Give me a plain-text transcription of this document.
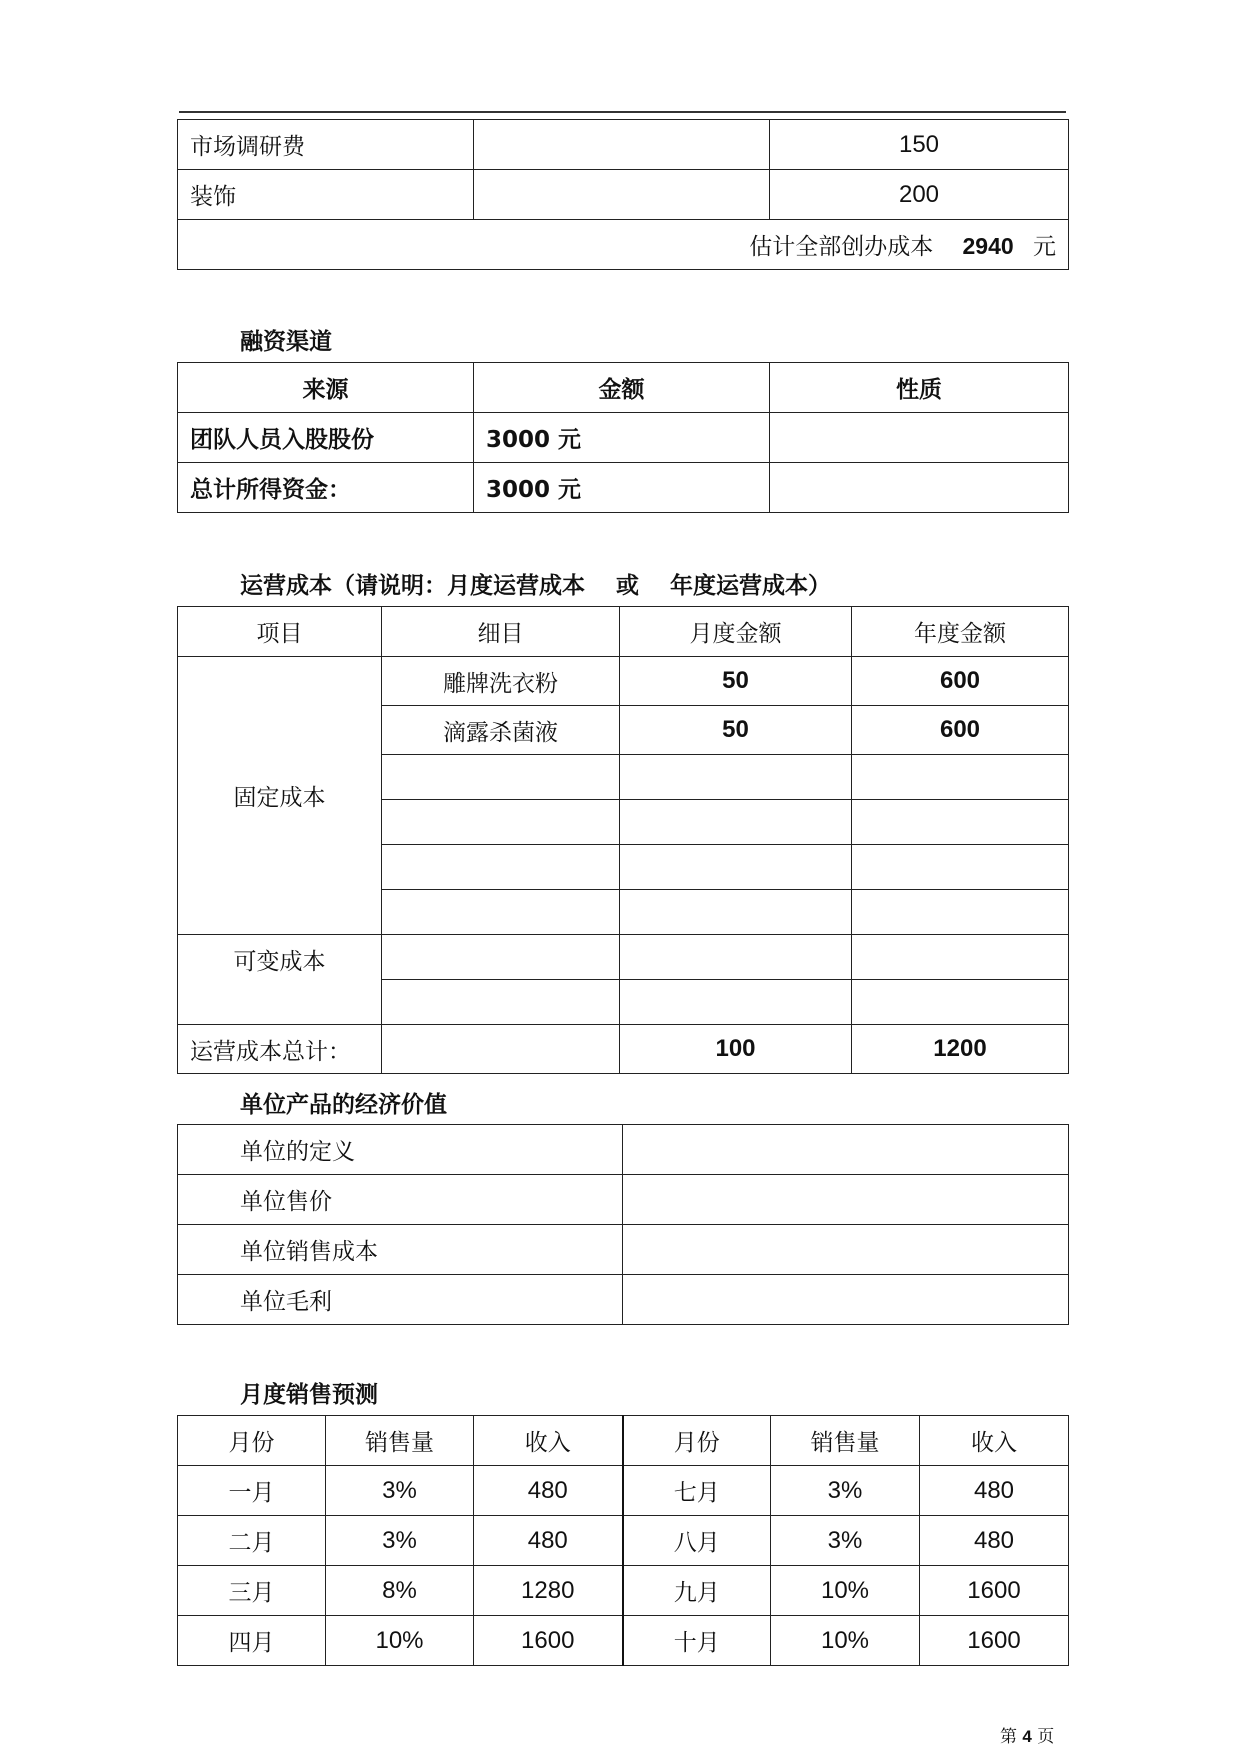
市场调研费		150
装饰		200
估计全部创办成本 2940 元		
融资渠道
来源	金额	性质
团队人员入股股份	3000 元	
总计所得资金：	3000 元	
运营成本（请说明：月度运营成本　 或　 年度运营成本）
项目	细目	月度金额	年度金额
固定成本	雕牌洗衣粉	50	600
	滴露杀菌液	50	600

可变成本			

运营成本总计：		100	1200
单位产品的经济价值
单位的定义	
单位售价	
单位销售成本	
单位毛利	
月度销售预测
月份	销售量	收入	月份	销售量	收入
一月	3%	480	七月	3%	480
二月	3%	480	八月	3%	480
三月	8%	1280	九月	10%	1600
四月	10%	1600	十月	10%	1600
第 4 页
